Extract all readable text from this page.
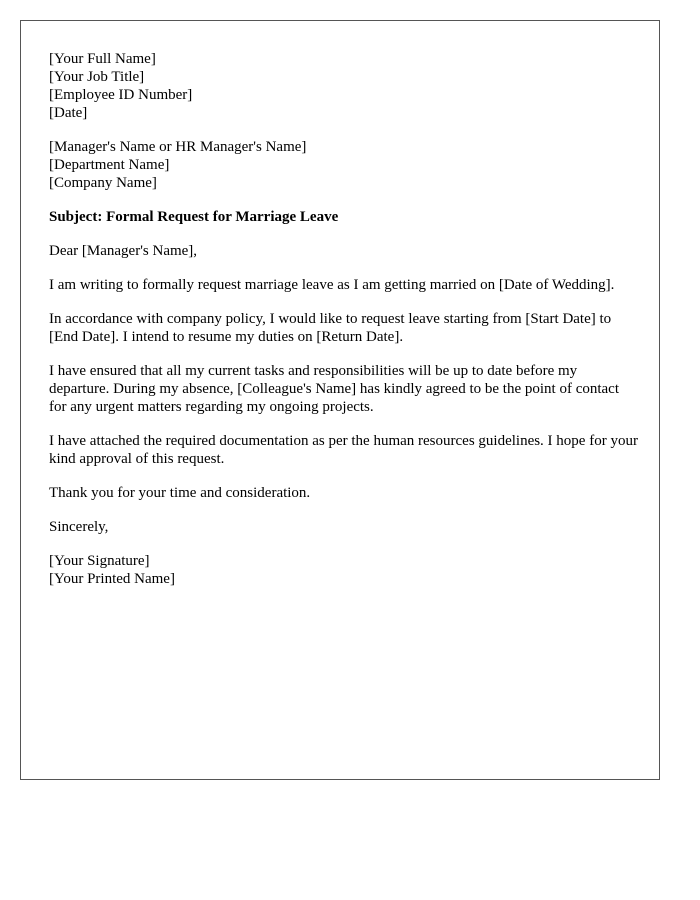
[Your Full Name]
[Your Job Title]
[Employee ID Number]
[Date]
[Manager's Name or HR Manager's Name]
[Department Name]
[Company Name]

Subject: Formal Request for Marriage Leave

Dear [Manager's Name],

I am writing to formally request marriage leave as I am getting married on [Date of Wedding].

In accordance with company policy, I would like to request leave starting from [Start Date] to [End Date]. I intend to resume my duties on [Return Date].

I have ensured that all my current tasks and responsibilities will be up to date before my departure. During my absence, [Colleague's Name] has kindly agreed to be the point of contact for any urgent matters regarding my ongoing projects.

I have attached the required documentation as per the human resources guidelines. I hope for your kind approval of this request.

Thank you for your time and consideration.

Sincerely,

[Your Signature]
[Your Printed Name]
